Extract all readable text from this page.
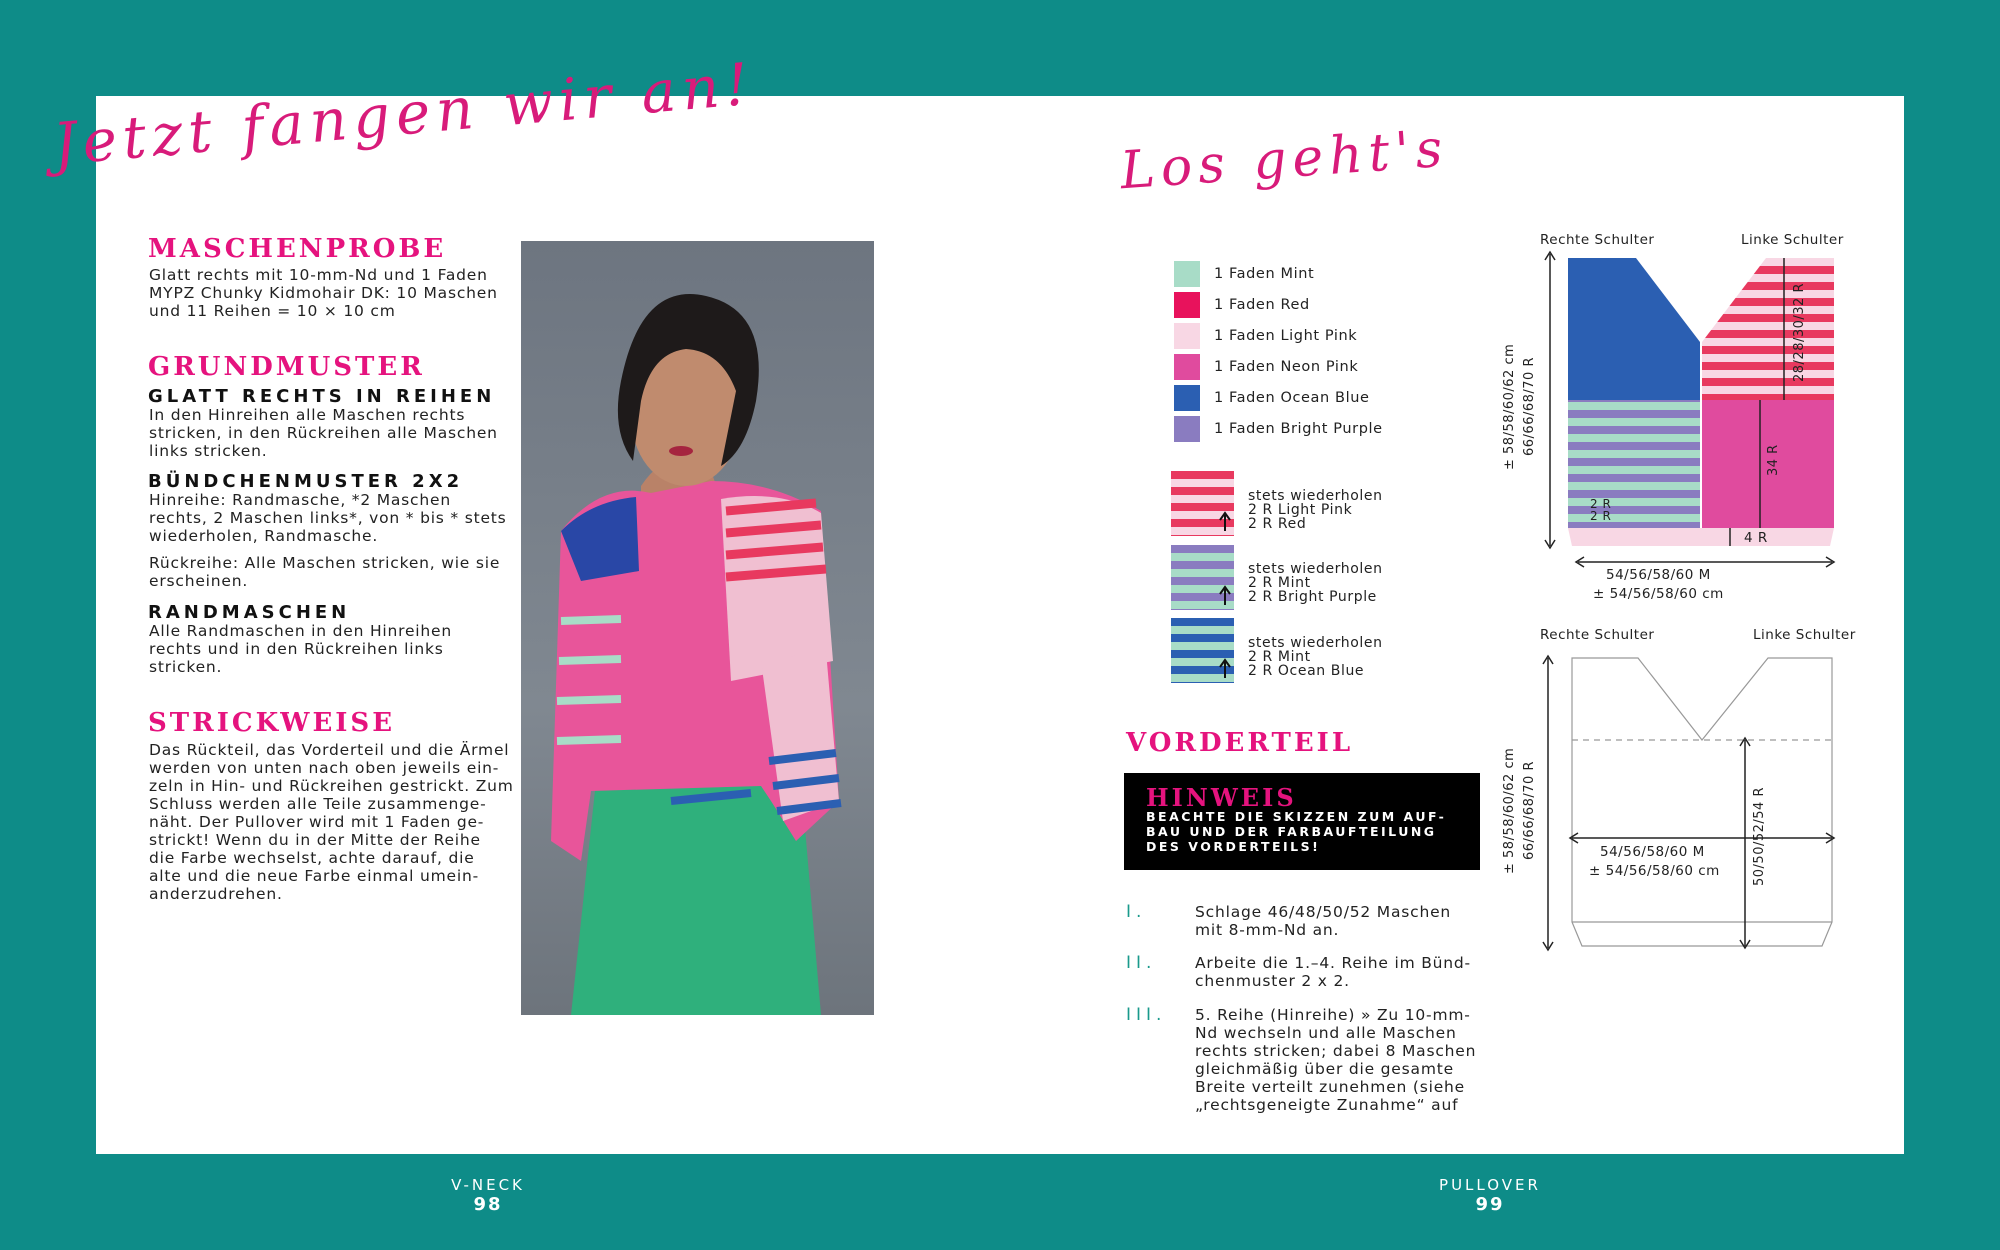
Jetzt fangen wir an!
MASCHENPROBE
Glatt rechts mit 10-mm-Nd und 1 Faden
MYPZ Chunky Kidmohair DK: 10 Maschen
und 11 Reihen = 10 × 10 cm
GRUNDMUSTER
GLATT RECHTS IN REIHEN
In den Hinreihen alle Maschen rechts
stricken, in den Rückreihen alle Maschen
links stricken.
BÜNDCHENMUSTER 2X2
Hinreihe: Randmasche, *2 Maschen
rechts, 2 Maschen links*, von * bis * stets
wiederholen, Randmasche.
Rückreihe: Alle Maschen stricken, wie sie
erscheinen.
RANDMASCHEN
Alle Randmaschen in den Hinreihen
rechts und in den Rückreihen links
stricken.
STRICKWEISE
Das Rückteil, das Vorderteil und die Ärmel
werden von unten nach oben jeweils ein-
zeln in Hin- und Rückreihen gestrickt. Zum
Schluss werden alle Teile zusammenge-
näht. Der Pullover wird mit 1 Faden ge-
strickt! Wenn du in der Mitte der Reihe
die Farbe wechselst, achte darauf, die
alte und die neue Farbe einmal umein-
anderzudrehen.
V-NECK
98
Los geht's
1 Faden Mint
1 Faden Red
1 Faden Light Pink
1 Faden Neon Pink
1 Faden Ocean Blue
1 Faden Bright Purple
stets wiederholen
2 R Light Pink
2 R Red
stets wiederholen
2 R Mint
2 R Bright Purple
stets wiederholen
2 R Mint
2 R Ocean Blue
VORDERTEIL
HINWEIS
BEACHTE DIE SKIZZEN ZUM AUF-
BAU UND DER FARBAUFTEILUNG
DES VORDERTEILS!
I.	Schlage 46/48/50/52 Maschen
mit 8-mm-Nd an.
II. Arbeite die 1.–4. Reihe im Bünd-
chenmuster 2 x 2.
III. 5. Reihe (Hinreihe) » Zu 10-mm-
Nd wechseln und alle Maschen
rechts stricken; dabei 8 Maschen
gleichmäßig über die gesamte
Breite verteilt zunehmen (siehe
„rechtsgeneigte Zunahme“ auf
Rechte Schulter	Linke Schulter
± 58/58/60/62 cm 66/66/68/70 R
28/28/30/32 R
34 R
2 R
2 R
4 R
54/56/58/60 M
± 54/56/58/60 cm
Rechte Schulter	Linke Schulter
± 58/58/60/62 cm 66/66/68/70 R	50/50/52/54 R
54/56/58/60 M
± 54/56/58/60 cm
PULLOVER
99
